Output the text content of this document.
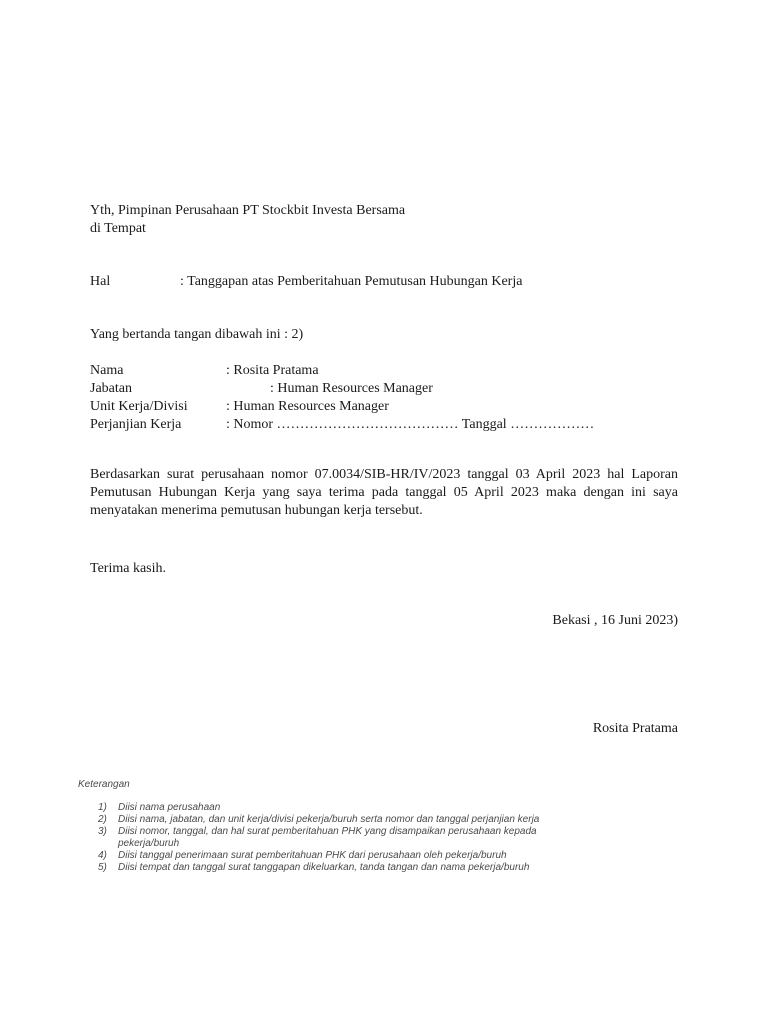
Yth, Pimpinan Perusahaan PT Stockbit Investa Bersama
di Tempat
Hal	: Tanggapan atas Pemberitahuan Pemutusan Hubungan Kerja
Yang bertanda tangan dibawah ini : 2)
Nama	: Rosita Pratama
Jabatan	: Human Resources Manager
Unit Kerja/Divisi	: Human Resources Manager
Perjanjian Kerja	: Nomor ………………………………… Tanggal ………………
Berdasarkan surat perusahaan nomor 07.0034/SIB-HR/IV/2023 tanggal 03 April 2023 hal Laporan Pemutusan Hubungan Kerja yang saya terima pada tanggal 05 April 2023 maka dengan ini saya menyatakan menerima pemutusan hubungan kerja tersebut.
Terima kasih.
Bekasi , 16 Juni 2023)
Rosita Pratama
Keterangan
1) Diisi nama perusahaan
2) Diisi nama, jabatan, dan unit kerja/divisi pekerja/buruh serta nomor dan tanggal perjanjian kerja
3) Diisi nomor, tanggal, dan hal surat pemberitahuan PHK yang disampaikan perusahaan kepada pekerja/buruh
4) Diisi tanggal penerimaan surat pemberitahuan PHK dari perusahaan oleh pekerja/buruh
5) Diisi tempat dan tanggal surat tanggapan dikeluarkan, tanda tangan dan nama pekerja/buruh
